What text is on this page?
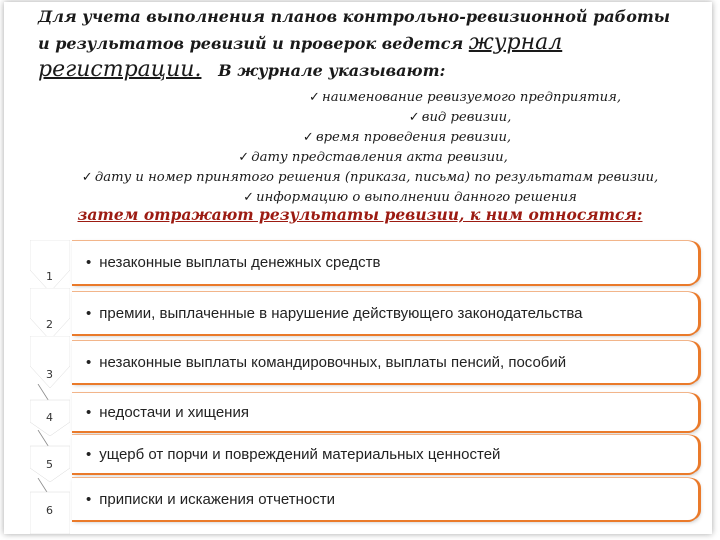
Для учета выполнения планов контрольно-ревизионной работы
и результатов ревизий и проверок ведется журнал
регистрации. В журнале указывают:
✓ наименование ревизуемого предприятия,
✓ вид ревизии,
✓ время проведения ревизии,
✓ дату представления акта ревизии,
✓ дату и номер принятого решения (приказа, письма) по результатам ревизии,
✓ информацию о выполнении данного решения
затем отражают результаты ревизии, к ним относятся:
1
• незаконные выплаты денежных средств
2
• премии, выплаченные в нарушение действующего законодательства
3
• незаконные выплаты командировочных, выплаты пенсий, пособий
4	• недостачи и хищения
5
• ущерб от порчи и повреждений материальных ценностей
6
• приписки и искажения отчетности
